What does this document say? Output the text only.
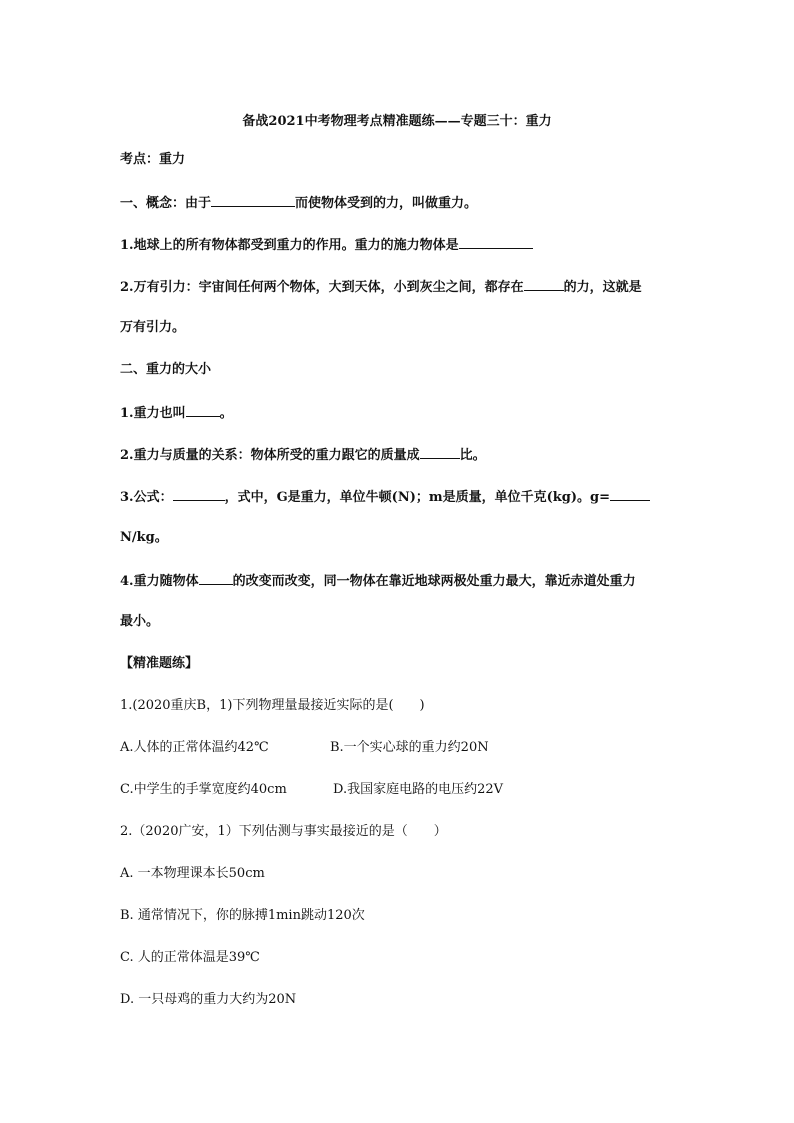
备战2021中考物理考点精准题练——专题三十：重力
考点：重力
一、概念：由于	而使物体受到的力，叫做重力。
1.地球上的所有物体都受到重力的作用。重力的施力物体是
2.万有引力：宇宙间任何两个物体，大到天体，小到灰尘之间，都存在	的力，这就是
万有引力。
二、重力的大小
1.重力也叫	。
2.重力与质量的关系：物体所受的重力跟它的质量成	比。
3.公式：	，式中，G是重力，单位牛顿(N)；m是质量，单位千克(kg)。g=
N/kg。
4.重力随物体	的改变而改变，同一物体在靠近地球两极处重力最大，靠近赤道处重力
最小。
【精准题练】
1.(2020重庆B，1)下列物理量最接近实际的是(　　)
A.人体的正常体温约42℃	B.一个实心球的重力约20N
C.中学生的手掌宽度约40cm	D.我国家庭电路的电压约22V
2.（2020广安，1）下列估测与事实最接近的是（　　）
A. 一本物理课本长50cm
B. 通常情况下，你的脉搏1min跳动120次
C. 人的正常体温是39℃
D. 一只母鸡的重力大约为20N
